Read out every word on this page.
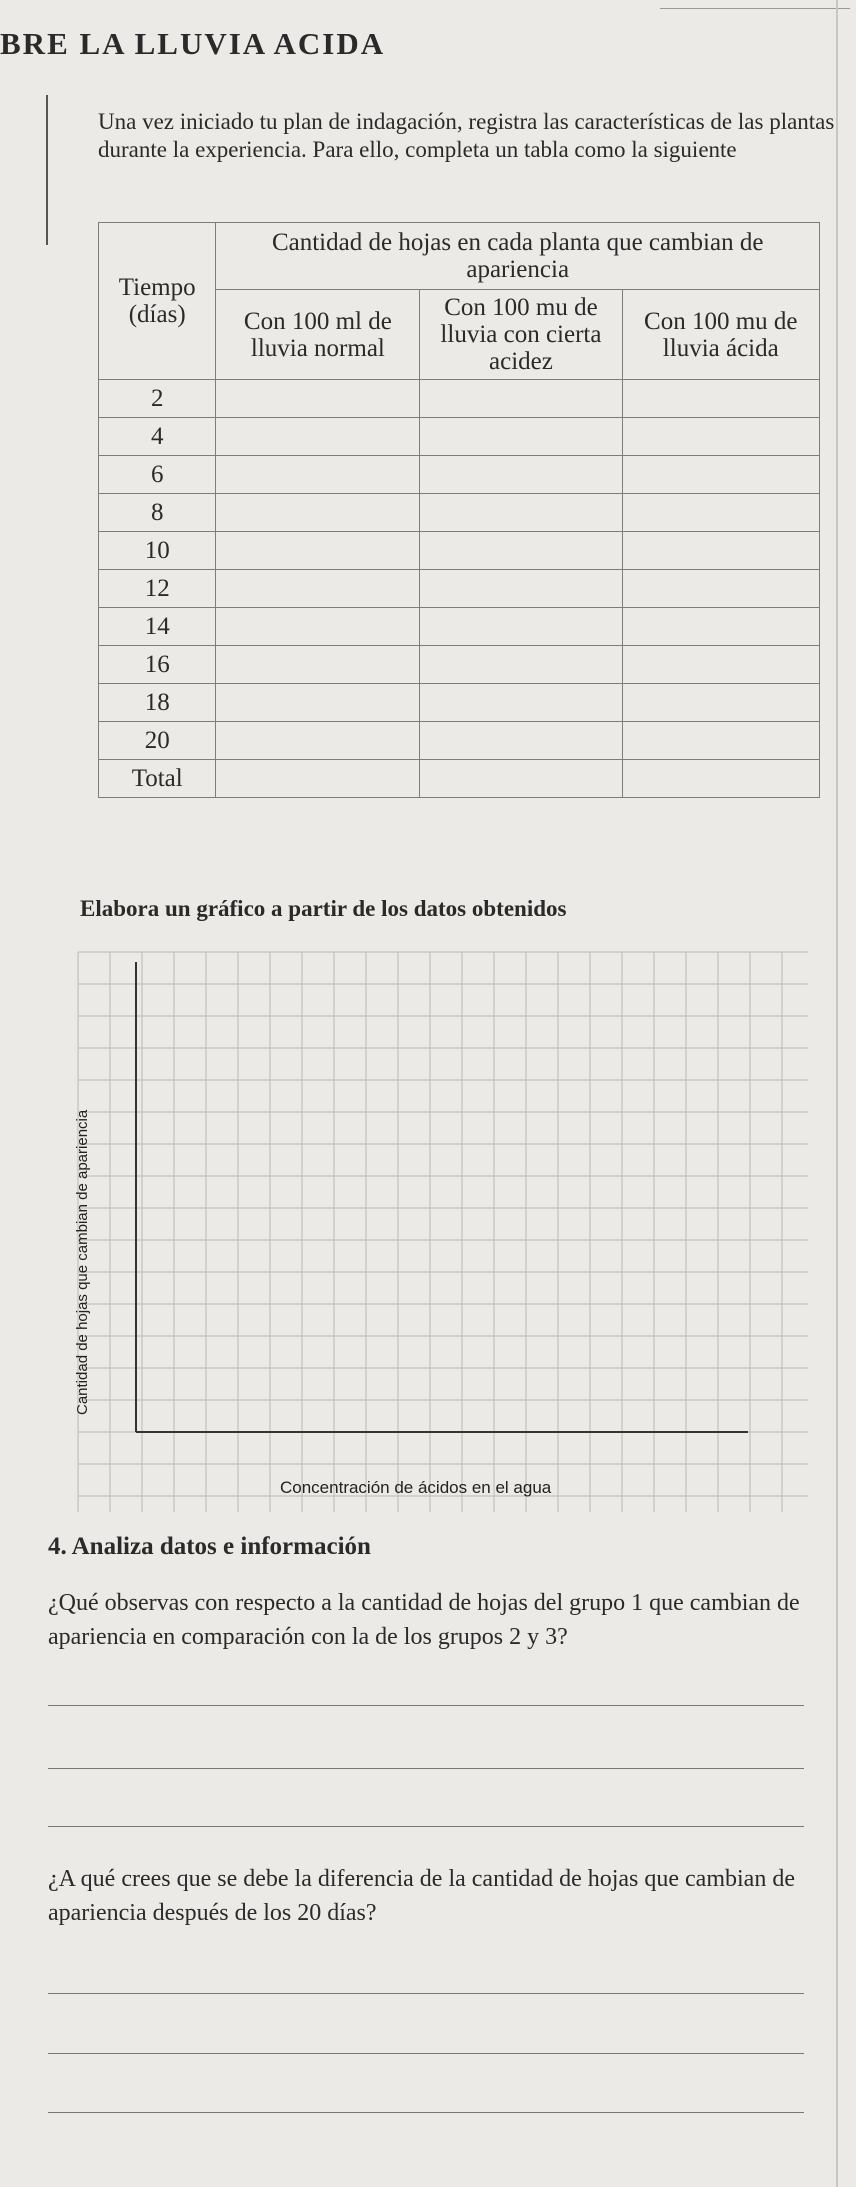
BRE LA LLUVIA ACIDA
Una vez iniciado tu plan de indagación, registra las características de las plantas durante la experiencia. Para ello, completa un tabla como la siguiente
Tiempo (días)	Cantidad de hojas en cada planta que cambian de apariencia		
	Con 100 ml de lluvia normal	Con 100 mu de lluvia con cierta acidez	Con 100 mu de lluvia ácida
2			
4			
6			
8			
10			
12			
14			
16			
18			
20			
Total			
Elabora un gráfico a partir de los datos obtenidos
Cantidad de hojas que cambian de apariencia
Concentración de ácidos en el agua
4. Analiza datos e información
¿Qué observas con respecto a la cantidad de hojas del grupo 1 que cambian de apariencia en comparación con la de los grupos 2 y 3?
¿A qué crees que se debe la diferencia de la cantidad de hojas que cambian de apariencia después de los 20 días?
